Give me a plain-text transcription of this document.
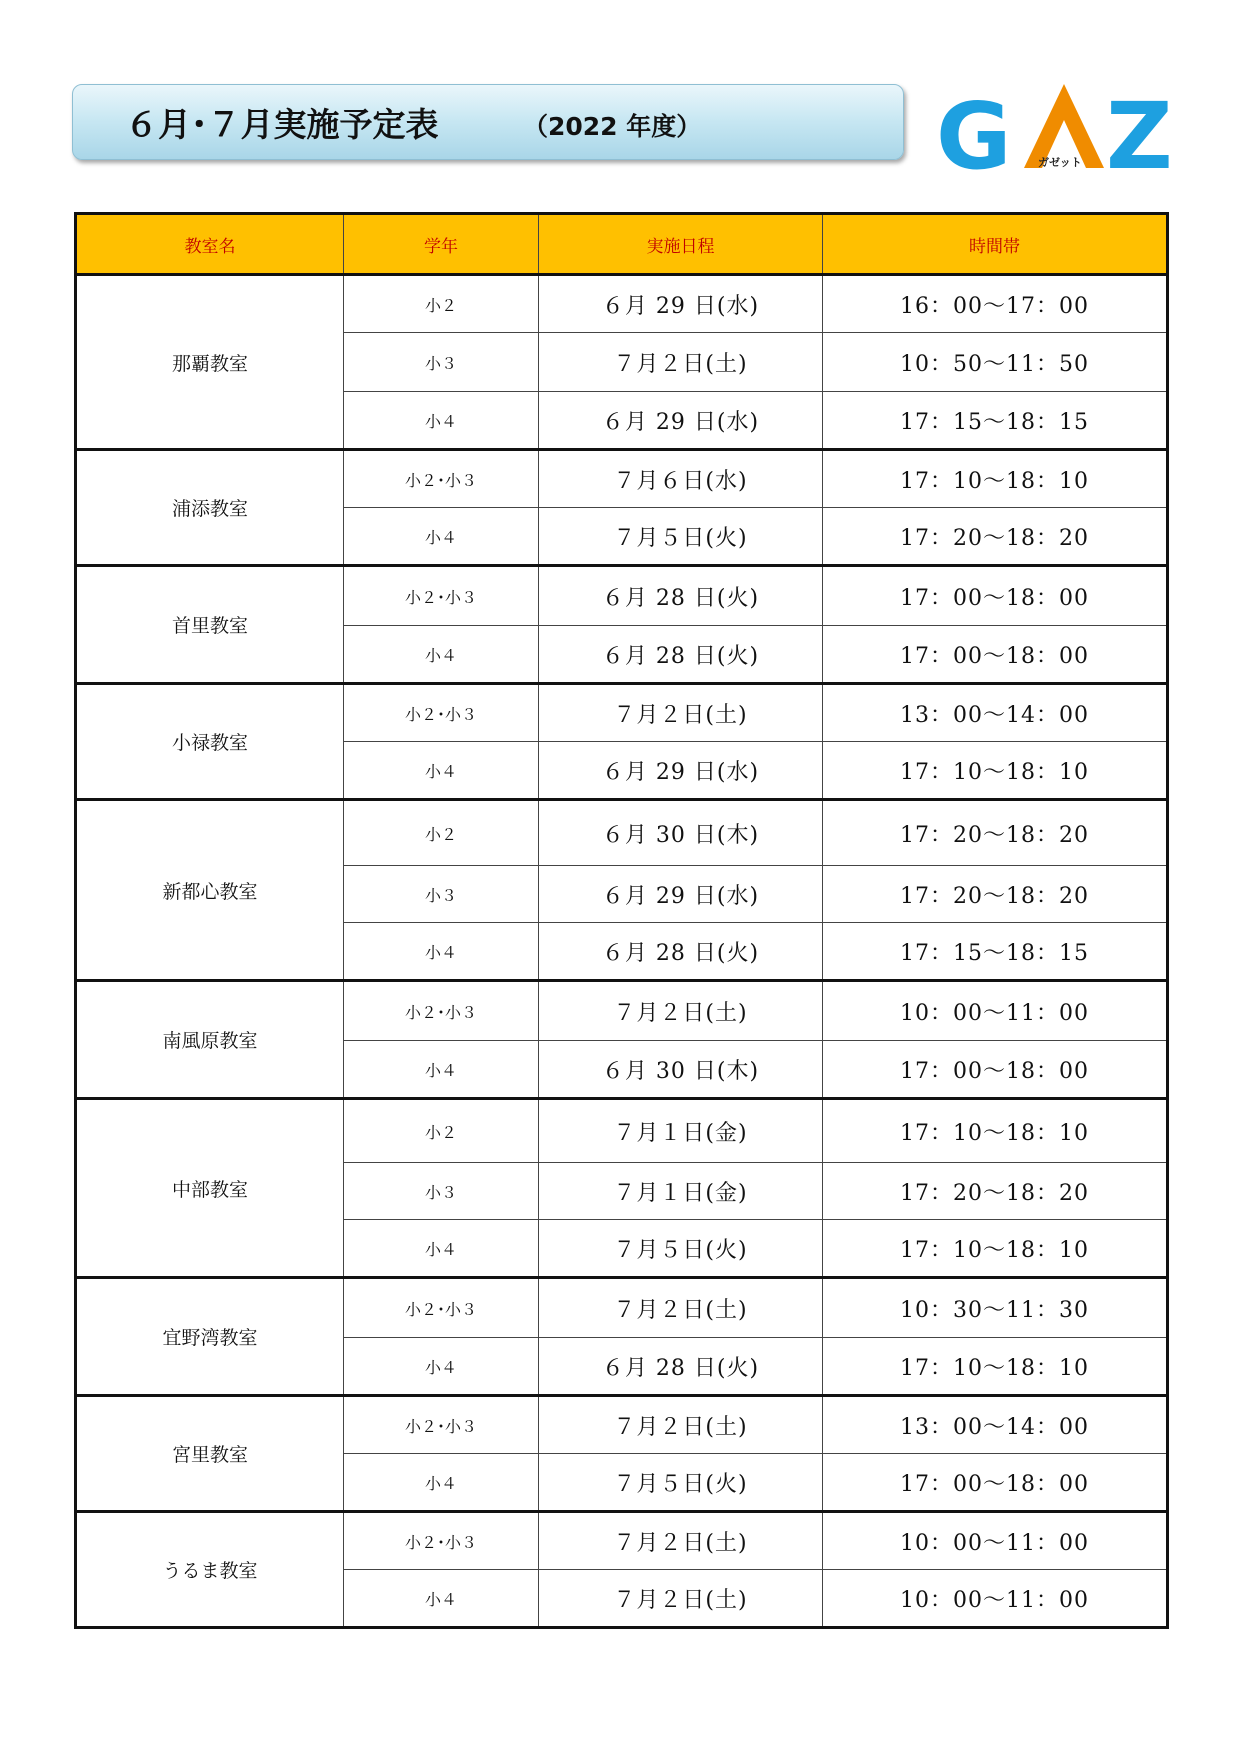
６月･７月実施予定表	（2022 年度）	G Z
ガゼット
教室名	学年	実施日程	時間帯
那覇教室	小２	６月 29 日(水)	16：00～17：00
	小３	７月２日(土)	10：50～11：50
	小４	６月 29 日(水)	17：15～18：15
浦添教室	小２･小３	７月６日(水)	17：10～18：10
	小４	７月５日(火)	17：20～18：20
首里教室	小２･小３	６月 28 日(火)	17：00～18：00
	小４	６月 28 日(火)	17：00～18：00
小禄教室	小２･小３	７月２日(土)	13：00～14：00
	小４	６月 29 日(水)	17：10～18：10
新都心教室	小２	６月 30 日(木)	17：20～18：20
	小３	６月 29 日(水)	17：20～18：20
	小４	６月 28 日(火)	17：15～18：15
南風原教室	小２･小３	７月２日(土)	10：00～11：00
	小４	６月 30 日(木)	17：00～18：00
中部教室	小２	７月１日(金)	17：10～18：10
	小３	７月１日(金)	17：20～18：20
	小４	７月５日(火)	17：10～18：10
宜野湾教室	小２･小３	７月２日(土)	10：30～11：30
	小４	６月 28 日(火)	17：10～18：10
宮里教室	小２･小３	７月２日(土)	13：00～14：00
	小４	７月５日(火)	17：00～18：00
うるま教室	小２･小３	７月２日(土)	10：00～11：00
	小４	７月２日(土)	10：00～11：00
